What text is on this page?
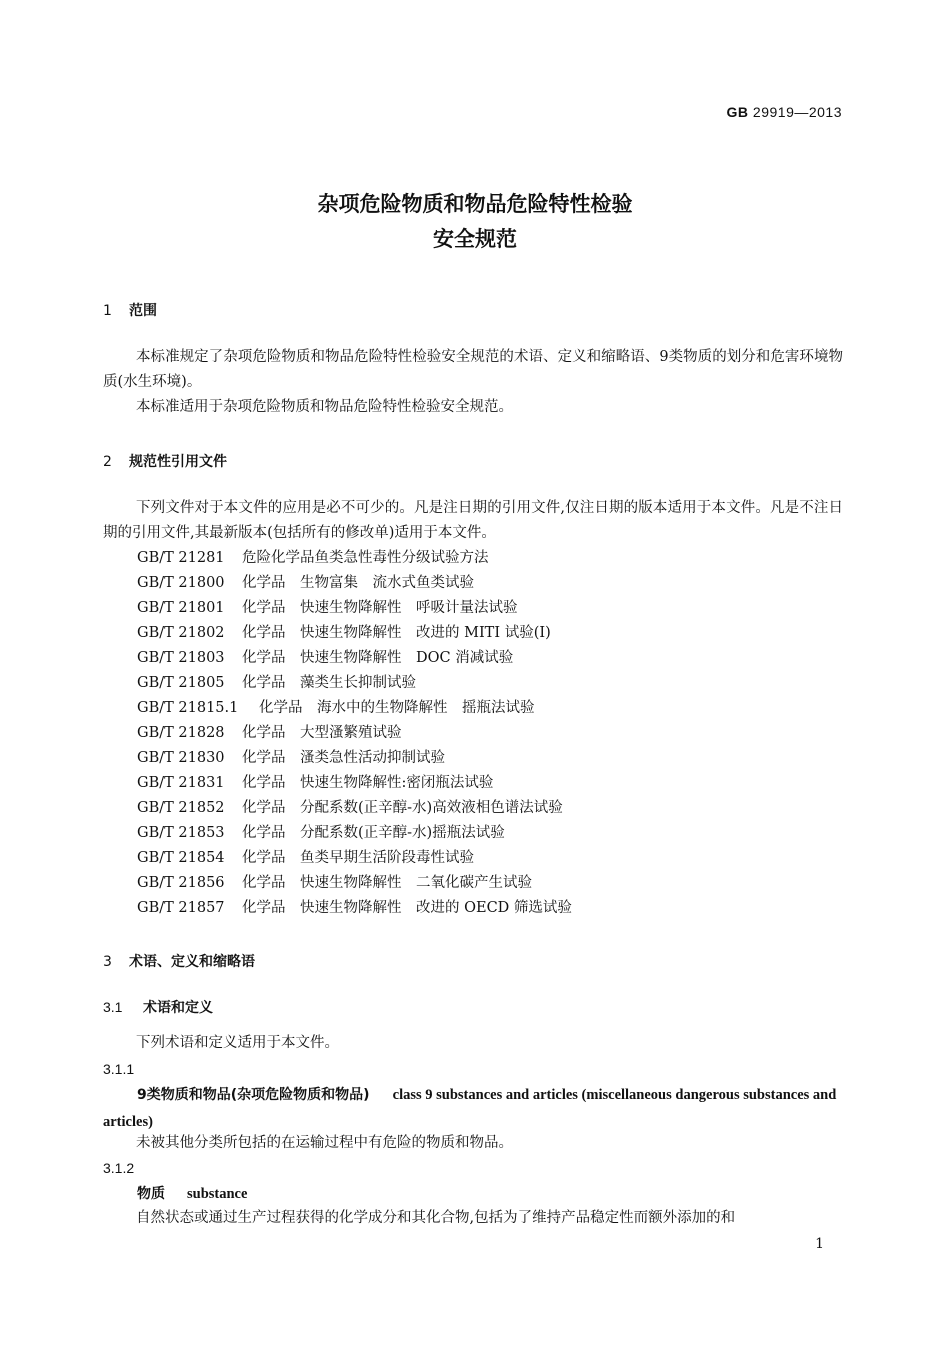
GB 29919—2013
杂项危险物质和物品危险特性检验
安全规范
1 范围

本标准规定了杂项危险物质和物品危险特性检验安全规范的术语、定义和缩略语、9类物质的划分和危害环境物质(水生环境)。

本标准适用于杂项危险物质和物品危险特性检验安全规范。

2 规范性引用文件

下列文件对于本文件的应用是必不可少的。凡是注日期的引用文件,仅注日期的版本适用于本文件。凡是不注日期的引用文件,其最新版本(包括所有的修改单)适用于本文件。

GB/T 21281 危险化学品鱼类急性毒性分级试验方法
GB/T 21800 化学品　生物富集　流水式鱼类试验
GB/T 21801 化学品　快速生物降解性　呼吸计量法试验
GB/T 21802 化学品　快速生物降解性　改进的 MITI 试验(Ⅰ)
GB/T 21803 化学品　快速生物降解性　DOC 消减试验
GB/T 21805 化学品　藻类生长抑制试验
GB/T 21815.1 化学品　海水中的生物降解性　摇瓶法试验
GB/T 21828 化学品　大型溞繁殖试验
GB/T 21830 化学品　溞类急性活动抑制试验
GB/T 21831 化学品　快速生物降解性:密闭瓶法试验
GB/T 21852 化学品　分配系数(正辛醇-水)高效液相色谱法试验
GB/T 21853 化学品　分配系数(正辛醇-水)摇瓶法试验
GB/T 21854 化学品　鱼类早期生活阶段毒性试验
GB/T 21856 化学品　快速生物降解性　二氧化碳产生试验
GB/T 21857 化学品　快速生物降解性　改进的 OECD 筛选试验
3 术语、定义和缩略语
3.1 术语和定义

下列术语和定义适用于本文件。

3.1.1
9类物质和物品(杂项危险物质和物品) class 9 substances and articles (miscellaneous dangerous substances and articles)

未被其他分类所包括的在运输过程中有危险的物质和物品。

3.1.2
物质 substance

自然状态或通过生产过程获得的化学成分和其化合物,包括为了维持产品稳定性而额外添加的和

1
